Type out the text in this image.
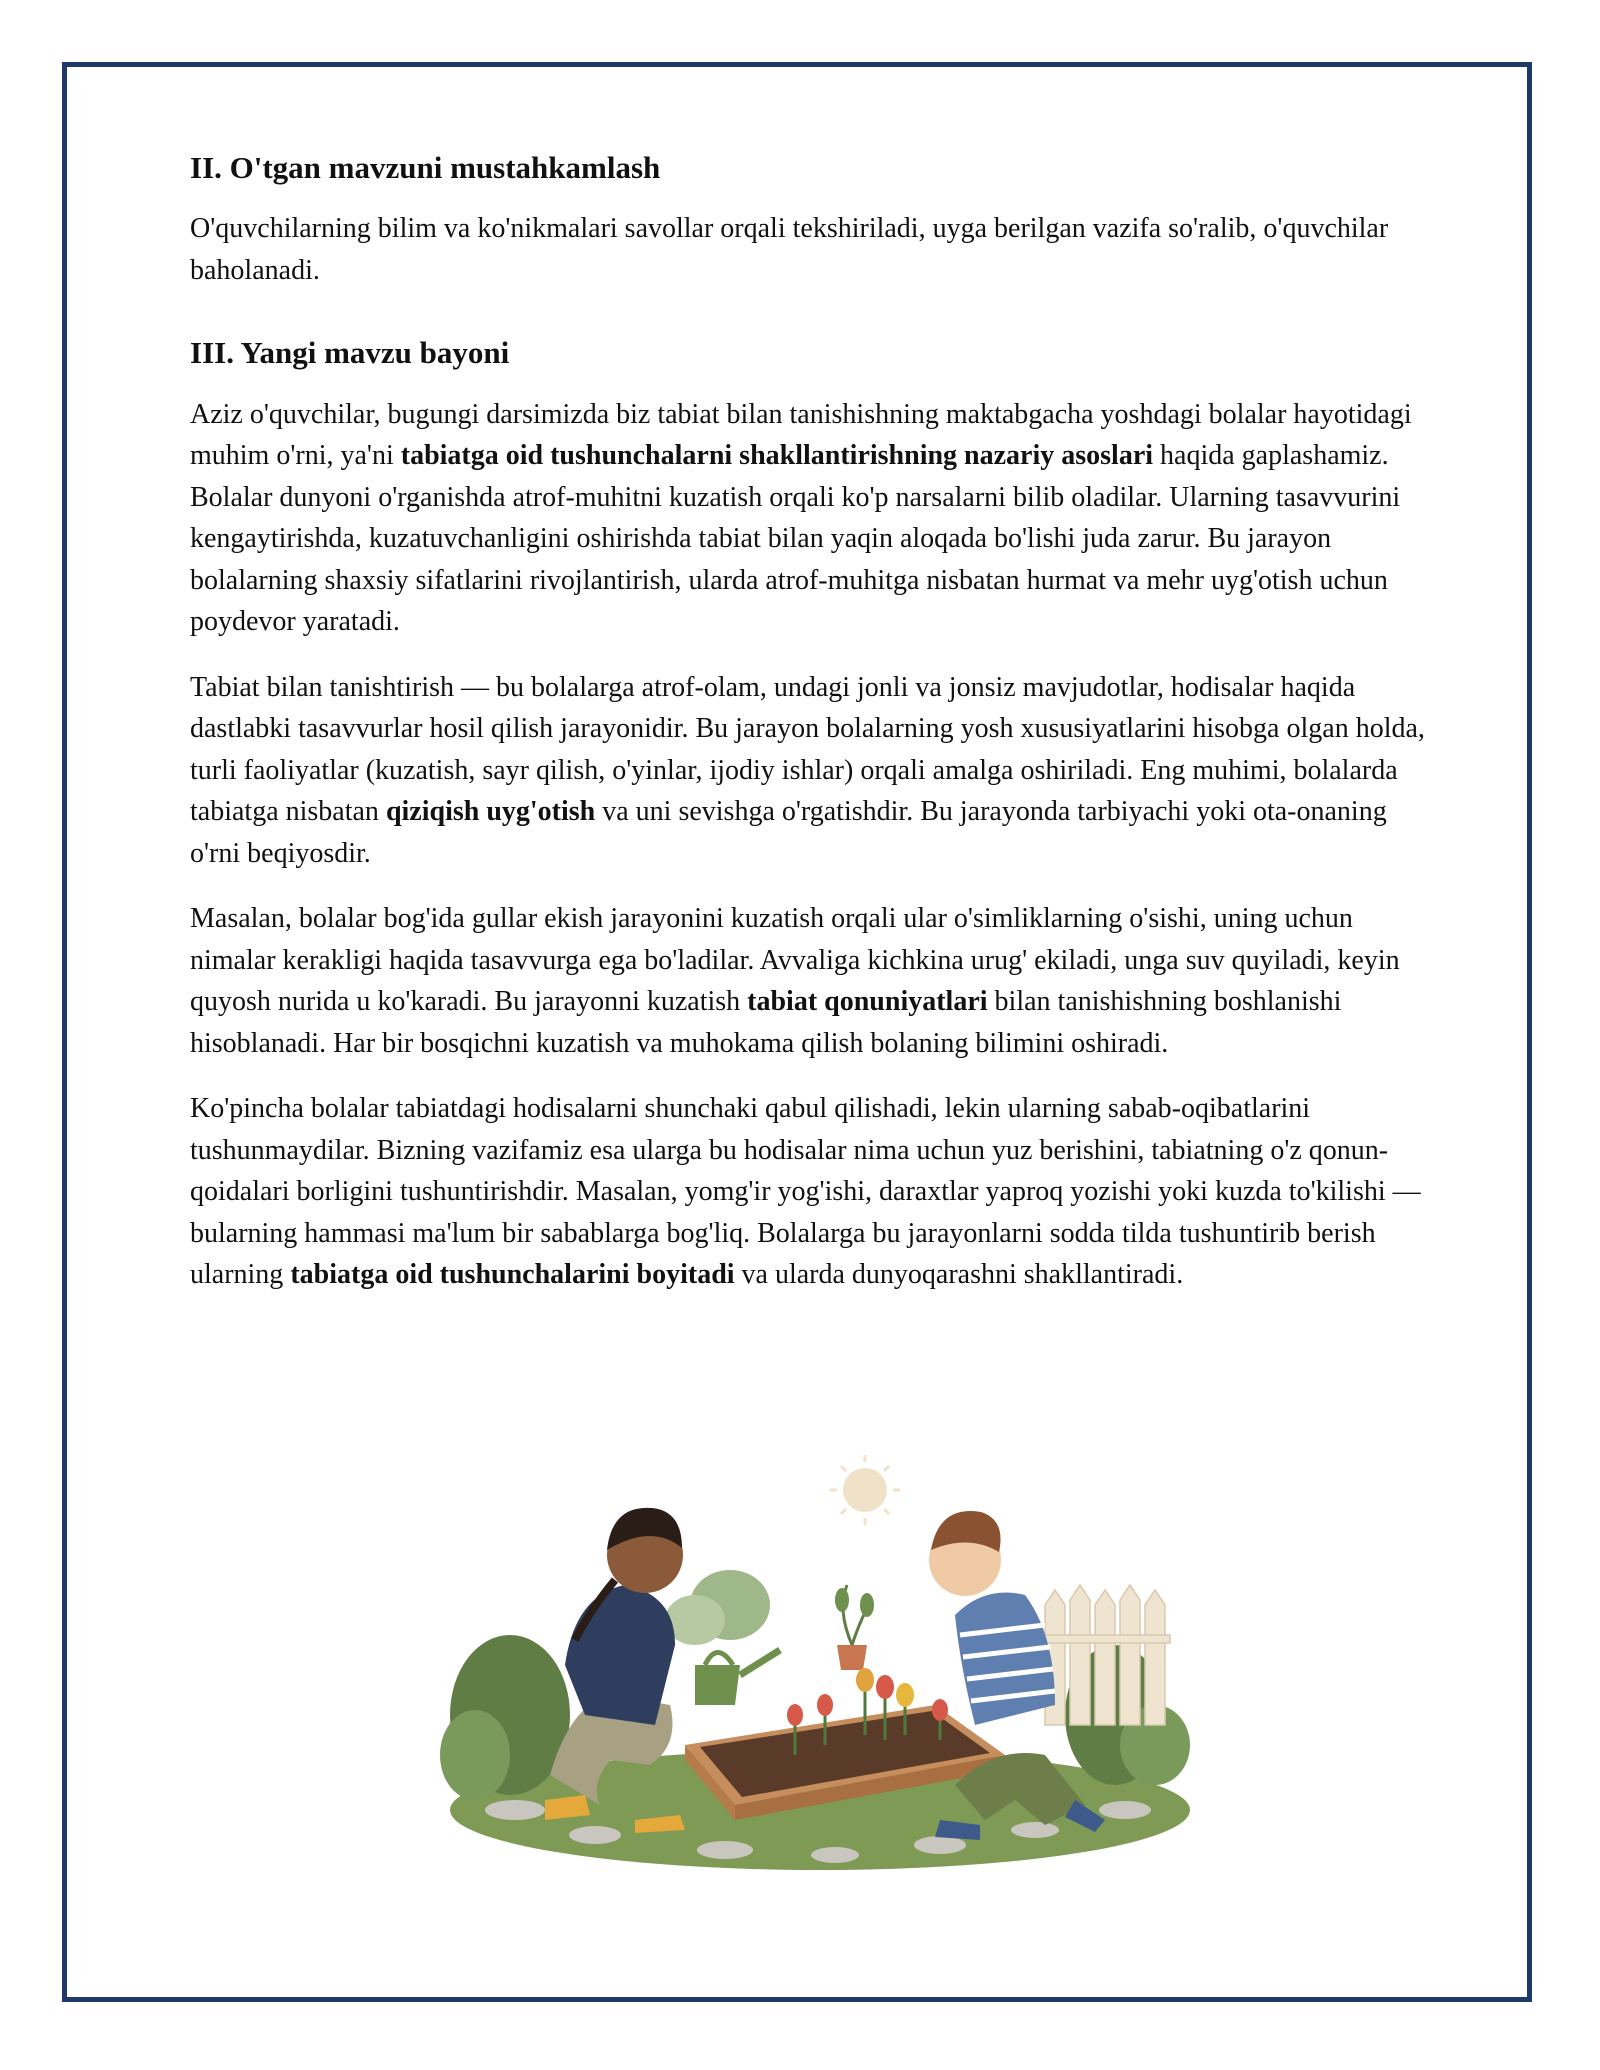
II. O'tgan mavzuni mustahkamlash

O'quvchilarning bilim va ko'nikmalari savollar orqali tekshiriladi, uyga berilgan vazifa so'ralib, o'quvchilar baholanadi.

III. Yangi mavzu bayoni

Aziz o'quvchilar, bugungi darsimizda biz tabiat bilan tanishishning maktabgacha yoshdagi bolalar hayotidagi muhim o'rni, ya'ni tabiatga oid tushunchalarni shakllantirishning nazariy asoslari haqida gaplashamiz. Bolalar dunyoni o'rganishda atrof-muhitni kuzatish orqali ko'p narsalarni bilib oladilar. Ularning tasavvurini kengaytirishda, kuzatuvchanligini oshirishda tabiat bilan yaqin aloqada bo'lishi juda zarur. Bu jarayon bolalarning shaxsiy sifatlarini rivojlantirish, ularda atrof-muhitga nisbatan hurmat va mehr uyg'otish uchun poydevor yaratadi.

Tabiat bilan tanishtirish — bu bolalarga atrof-olam, undagi jonli va jonsiz mavjudotlar, hodisalar haqida dastlabki tasavvurlar hosil qilish jarayonidir. Bu jarayon bolalarning yosh xususiyatlarini hisobga olgan holda, turli faoliyatlar (kuzatish, sayr qilish, o'yinlar, ijodiy ishlar) orqali amalga oshiriladi. Eng muhimi, bolalarda tabiatga nisbatan qiziqish uyg'otish va uni sevishga o'rgatishdir. Bu jarayonda tarbiyachi yoki ota-onaning o'rni beqiyosdir.

Masalan, bolalar bog'ida gullar ekish jarayonini kuzatish orqali ular o'simliklarning o'sishi, uning uchun nimalar kerakligi haqida tasavvurga ega bo'ladilar. Avvaliga kichkina urug' ekiladi, unga suv quyiladi, keyin quyosh nurida u ko'karadi. Bu jarayonni kuzatish tabiat qonuniyatlari bilan tanishishning boshlanishi hisoblanadi. Har bir bosqichni kuzatish va muhokama qilish bolaning bilimini oshiradi.

Ko'pincha bolalar tabiatdagi hodisalarni shunchaki qabul qilishadi, lekin ularning sabab-oqibatlarini tushunmaydilar. Bizning vazifamiz esa ularga bu hodisalar nima uchun yuz berishini, tabiatning o'z qonun-qoidalari borligini tushuntirishdir. Masalan, yomg'ir yog'ishi, daraxtlar yaproq yozishi yoki kuzda to'kilishi — bularning hammasi ma'lum bir sabablarga bog'liq. Bolalarga bu jarayonlarni sodda tilda tushuntirib berish ularning tabiatga oid tushunchalarini boyitadi va ularda dunyoqarashni shakllantiradi.
